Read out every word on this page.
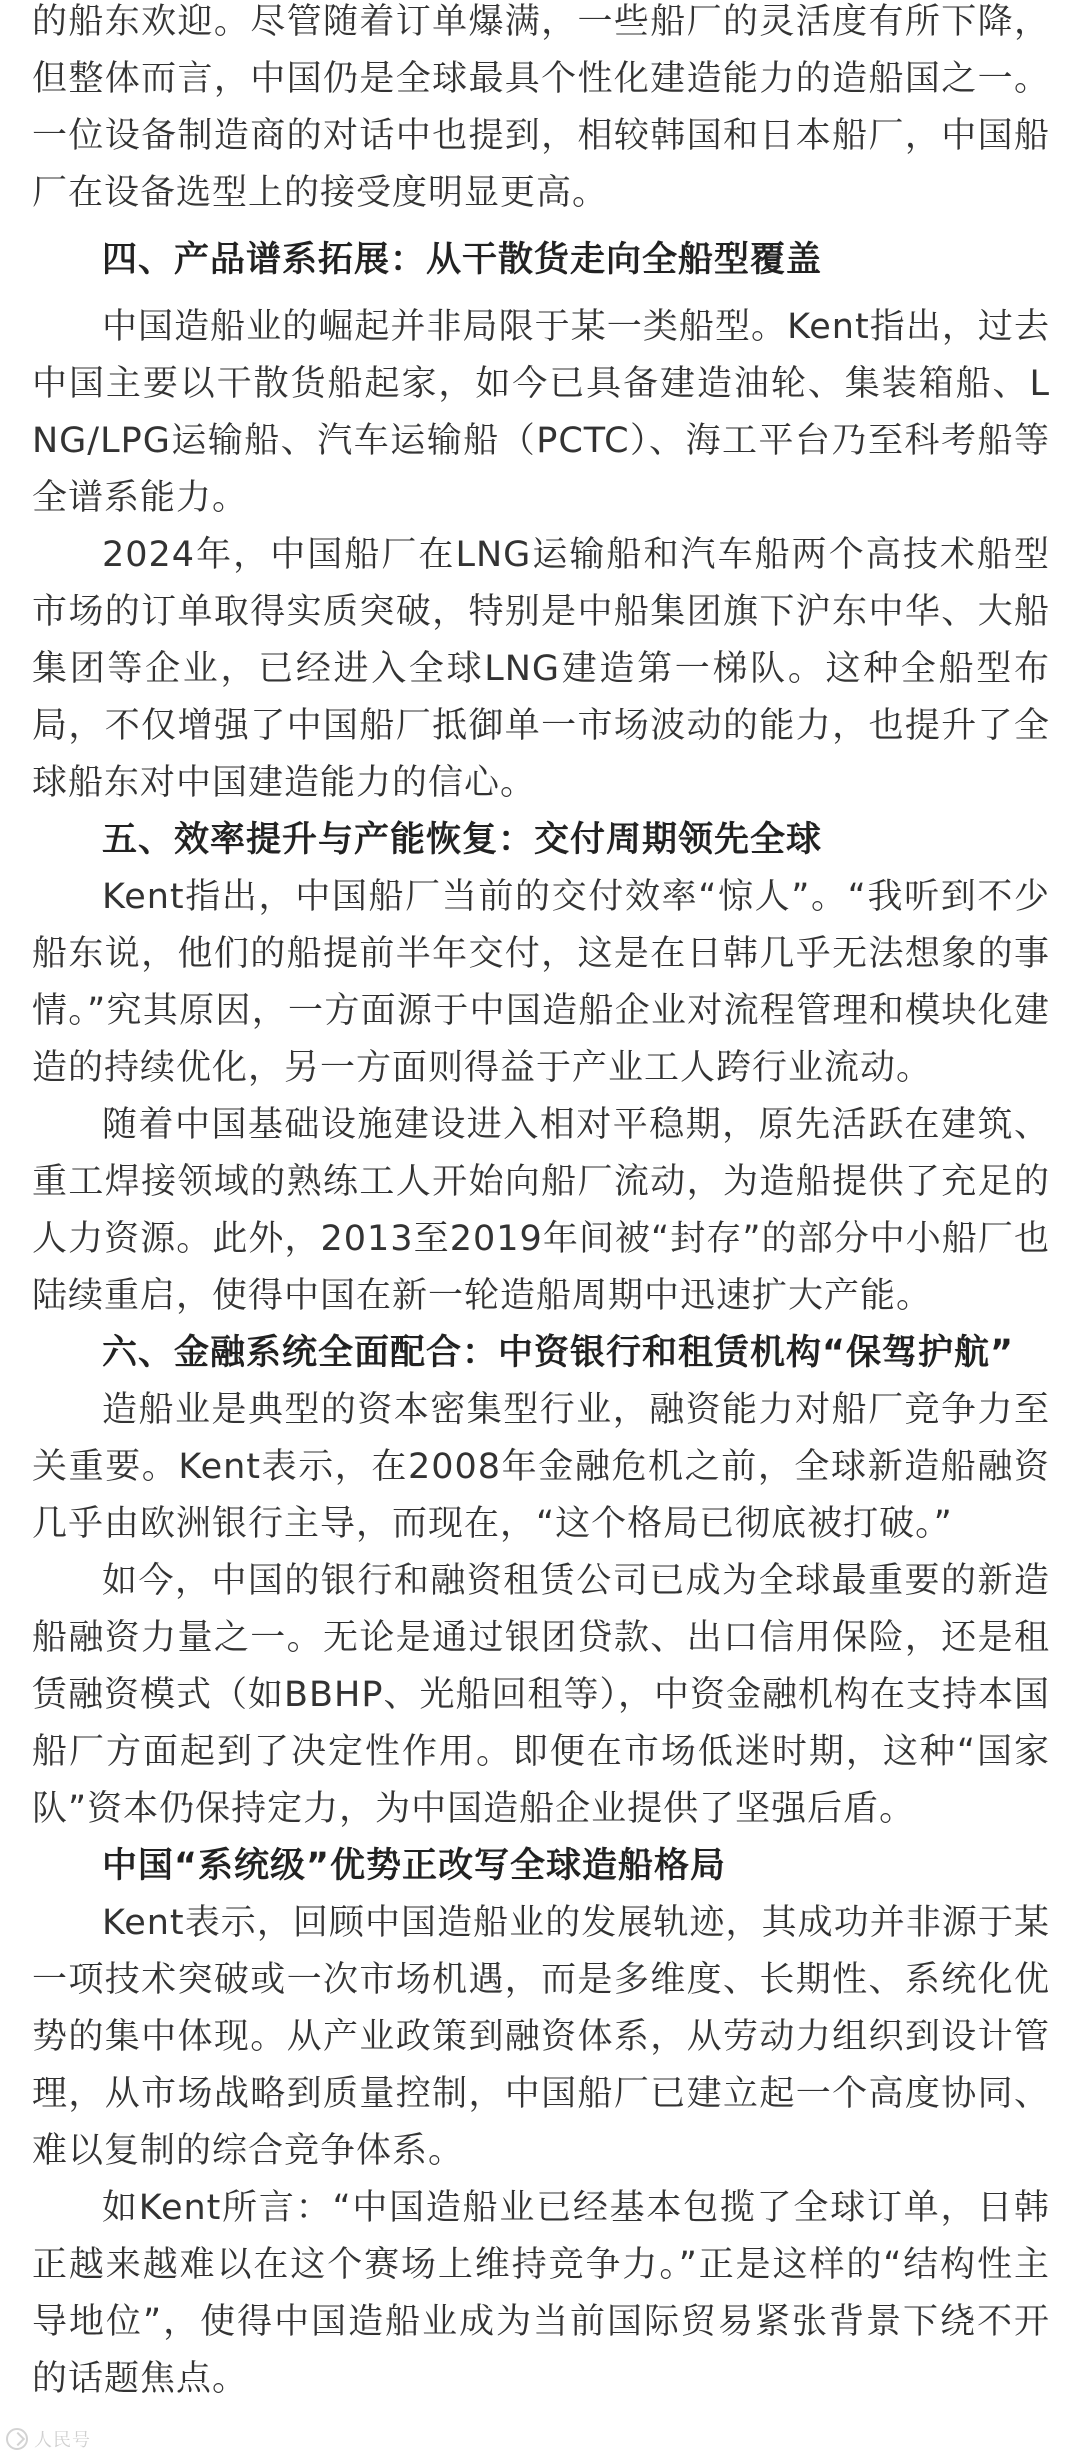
的船东欢迎。尽管随着订单爆满，一些船厂的灵活度有所下降，但整体而言，中国仍是全球最具个性化建造能力的造船国之一。一位设备制造商的对话中也提到，相较韩国和日本船厂，中国船厂在设备选型上的接受度明显更高。

四、产品谱系拓展：从干散货走向全船型覆盖

中国造船业的崛起并非局限于某一类船型。Kent指出，过去中国主要以干散货船起家，如今已具备建造油轮、集装箱船、LNG/LPG运输船、汽车运输船（PCTC）、海工平台乃至科考船等全谱系能力。

2024年，中国船厂在LNG运输船和汽车船两个高技术船型市场的订单取得实质突破，特别是中船集团旗下沪东中华、大船集团等企业，已经进入全球LNG建造第一梯队。这种全船型布局，不仅增强了中国船厂抵御单一市场波动的能力，也提升了全球船东对中国建造能力的信心。

五、效率提升与产能恢复：交付周期领先全球

Kent指出，中国船厂当前的交付效率“惊人”。“我听到不少船东说，他们的船提前半年交付，这是在日韩几乎无法想象的事情。”究其原因，一方面源于中国造船企业对流程管理和模块化建造的持续优化，另一方面则得益于产业工人跨行业流动。

随着中国基础设施建设进入相对平稳期，原先活跃在建筑、重工焊接领域的熟练工人开始向船厂流动，为造船提供了充足的人力资源。此外，2013至2019年间被“封存”的部分中小船厂也陆续重启，使得中国在新一轮造船周期中迅速扩大产能。

六、金融系统全面配合：中资银行和租赁机构“保驾护航”

造船业是典型的资本密集型行业，融资能力对船厂竞争力至关重要。Kent表示，在2008年金融危机之前，全球新造船融资几乎由欧洲银行主导，而现在，“这个格局已彻底被打破。”

如今，中国的银行和融资租赁公司已成为全球最重要的新造船融资力量之一。无论是通过银团贷款、出口信用保险，还是租赁融资模式（如BBHP、光船回租等），中资金融机构在支持本国船厂方面起到了决定性作用。即便在市场低迷时期，这种“国家队”资本仍保持定力，为中国造船企业提供了坚强后盾。

中国“系统级”优势正改写全球造船格局

Kent表示，回顾中国造船业的发展轨迹，其成功并非源于某一项技术突破或一次市场机遇，而是多维度、长期性、系统化优势的集中体现。从产业政策到融资体系，从劳动力组织到设计管理，从市场战略到质量控制，中国船厂已建立起一个高度协同、难以复制的综合竞争体系。

如Kent所言：“中国造船业已经基本包揽了全球订单，日韩正越来越难以在这个赛场上维持竞争力。”正是这样的“结构性主导地位”，使得中国造船业成为当前国际贸易紧张背景下绕不开的话题焦点。

人民号
